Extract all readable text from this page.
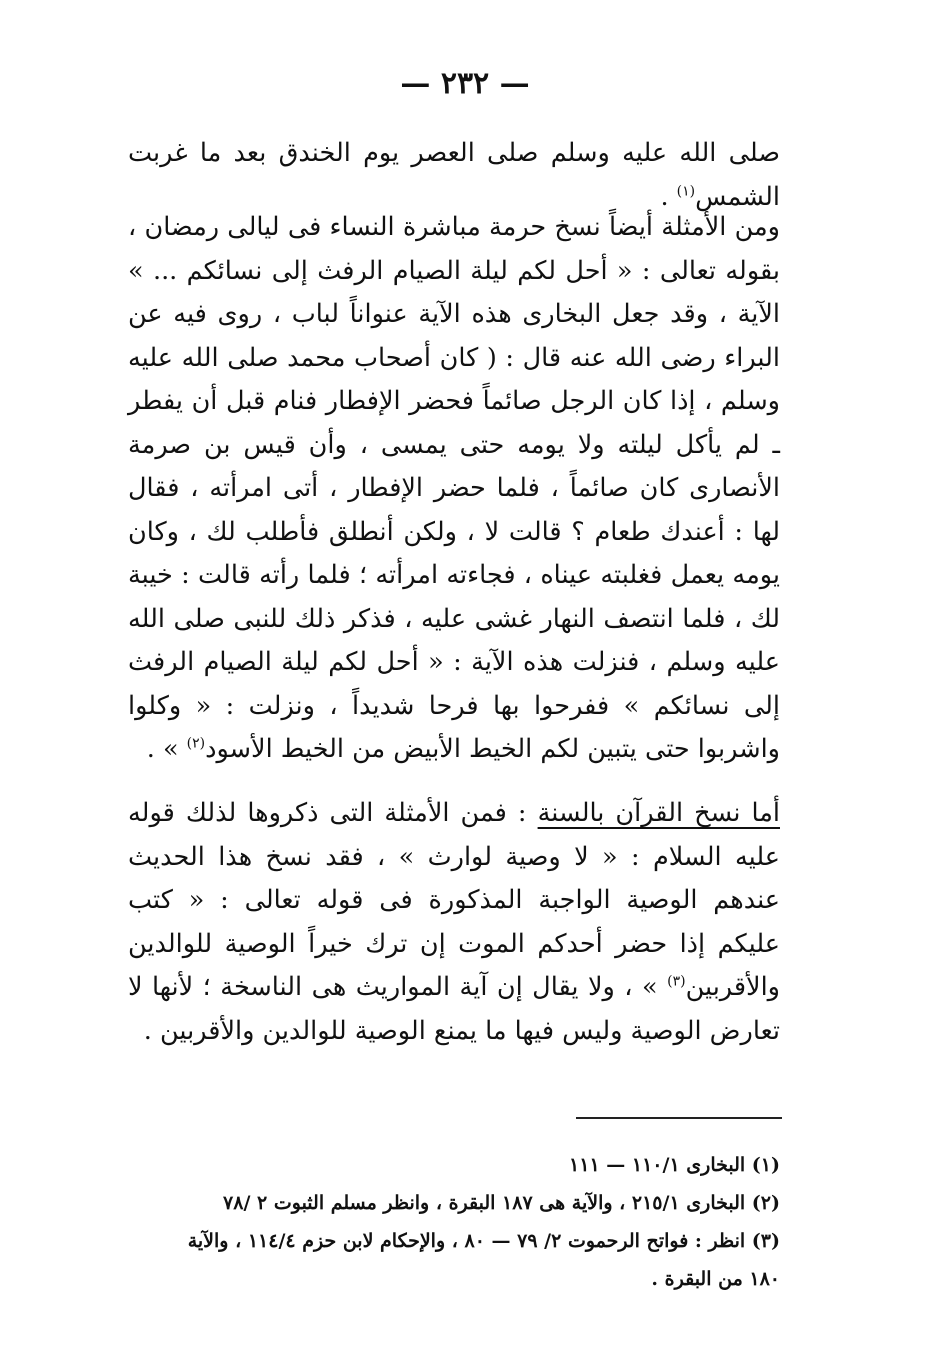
— ٢٣٢ —
صلى الله عليه وسلم صلى العصر يوم الخندق بعد ما غربت الشمس$^{(١)}$ .
ومن الأمثلة أيضاً نسخ حرمة مباشرة النساء فى ليالى رمضان ، بقوله تعالى : « أحل لكم ليلة الصيام الرفث إلى نسائكم ... » الآية ، وقد جعل البخارى هذه الآية عنواناً لباب ، روى فيه عن البراء رضى الله عنه قال : ( كان أصحاب محمد صلى الله عليه وسلم ، إذا كان الرجل صائماً فحضر الإفطار فنام قبل أن يفطر ـ لم يأكل ليلته ولا يومه حتى يمسى ، وأن قيس بن صرمة الأنصارى كان صائماً ، فلما حضر الإفطار ، أتى امرأته ، فقال لها : أعندك طعام ؟ قالت لا ، ولكن أنطلق فأطلب لك ، وكان يومه يعمل فغلبته عيناه ، فجاءته امرأته ؛ فلما رأته قالت : خيبة لك ، فلما انتصف النهار غشى عليه ، فذكر ذلك للنبى صلى الله عليه وسلم ، فنزلت هذه الآية : « أحل لكم ليلة الصيام الرفث إلى نسائكم » ففرحوا بها فرحا شديداً ، ونزلت : « وكلوا واشربوا حتى يتبين لكم الخيط الأبيض من الخيط الأسود$^{(٢)}$ » .
أما نسخ القرآن بالسنة : فمن الأمثلة التى ذكروها لذلك قوله عليه السلام : « لا وصية لوارث » ، فقد نسخ هذا الحديث عندهم الوصية الواجبة المذكورة فى قوله تعالى : « كتب عليكم إذا حضر أحدكم الموت إن ترك خيراً الوصية للوالدين والأقربين$^{(٣)}$ » ، ولا يقال إن آية المواريث هى الناسخة ؛ لأنها لا تعارض الوصية وليس فيها ما يمنع الوصية للوالدين والأقربين .
(١) البخارى ١١٠/١ — ١١١
(٢) البخارى ٢١٥/١ ، والآية هى ١٨٧ البقرة ، وانظر مسلم الثبوت ٢ /٧٨
(٣) انظر : فواتح الرحموت ٢/ ٧٩ — ٨٠ ، والإحكام لابن حزم ١١٤/٤ ، والآية
١٨٠ من البقرة .
